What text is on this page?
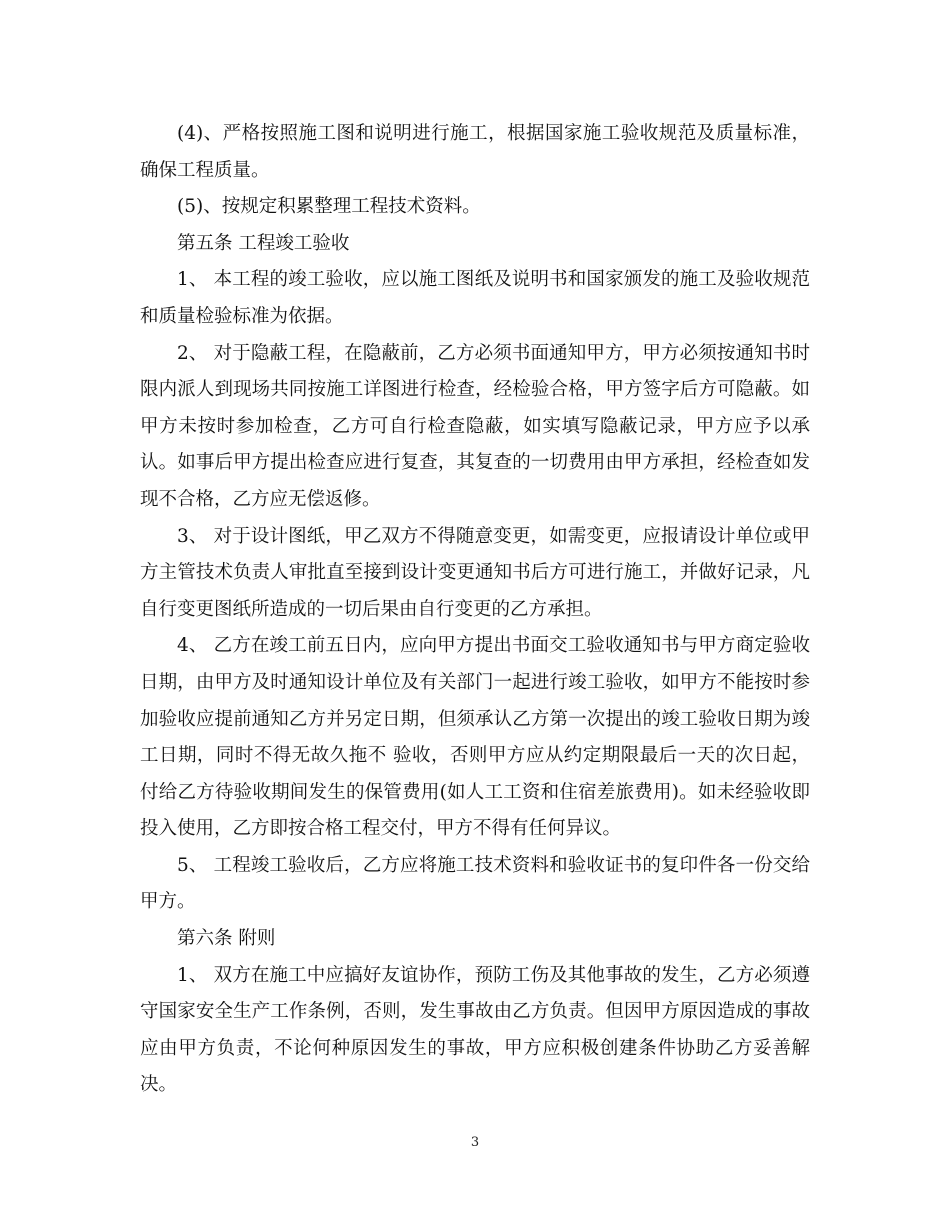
(4)、严格按照施工图和说明进行施工，根据国家施工验收规范及质量标准，确保工程质量。

(5)、按规定积累整理工程技术资料。

第五条 工程竣工验收

1、 本工程的竣工验收，应以施工图纸及说明书和国家颁发的施工及验收规范和质量检验标准为依据。

2、 对于隐蔽工程，在隐蔽前，乙方必须书面通知甲方，甲方必须按通知书时限内派人到现场共同按施工详图进行检查，经检验合格，甲方签字后方可隐蔽。如甲方未按时参加检查，乙方可自行检查隐蔽，如实填写隐蔽记录，甲方应予以承认。如事后甲方提出检查应进行复查，其复查的一切费用由甲方承担，经检查如发现不合格，乙方应无偿返修。

3、 对于设计图纸，甲乙双方不得随意变更，如需变更，应报请设计单位或甲方主管技术负责人审批直至接到设计变更通知书后方可进行施工，并做好记录，凡自行变更图纸所造成的一切后果由自行变更的乙方承担。

4、 乙方在竣工前五日内，应向甲方提出书面交工验收通知书与甲方商定验收日期，由甲方及时通知设计单位及有关部门一起进行竣工验收，如甲方不能按时参加验收应提前通知乙方并另定日期，但须承认乙方第一次提出的竣工验收日期为竣工日期，同时不得无故久拖不 验收，否则甲方应从约定期限最后一天的次日起，付给乙方待验收期间发生的保管费用(如人工工资和住宿差旅费用)。如未经验收即投入使用，乙方即按合格工程交付，甲方不得有任何异议。

5、 工程竣工验收后，乙方应将施工技术资料和验收证书的复印件各一份交给甲方。

第六条 附则

1、 双方在施工中应搞好友谊协作，预防工伤及其他事故的发生，乙方必须遵守国家安全生产工作条例，否则，发生事故由乙方负责。但因甲方原因造成的事故应由甲方负责，不论何种原因发生的事故，甲方应积极创建条件协助乙方妥善解决。

3
